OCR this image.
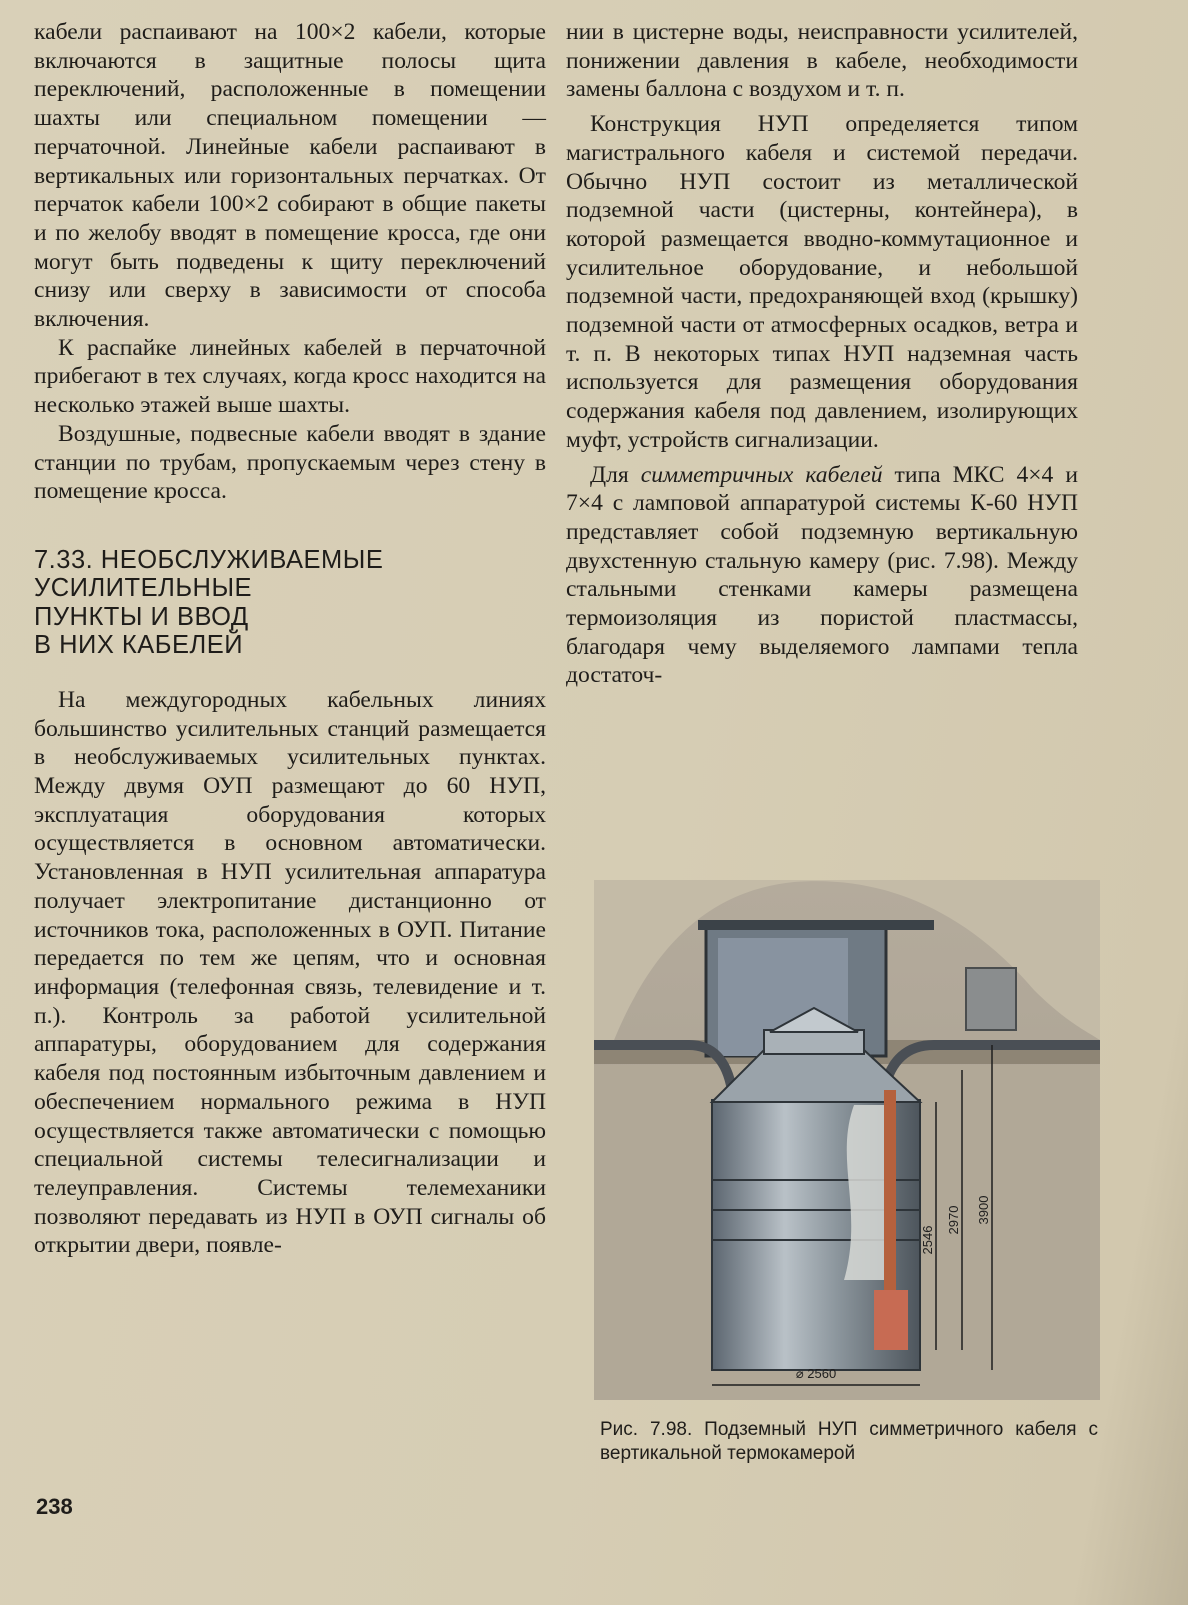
кабели распаивают на 100×2 кабели, которые включаются в защитные полосы щита переключений, расположенные в помещении шахты или специальном помещении — перчаточной. Линейные кабели распаивают в вертикальных или горизонтальных перчатках. От перчаток кабели 100×2 собирают в общие пакеты и по желобу вводят в помещение кросса, где они могут быть подведены к щиту переключений снизу или сверху в зависимости от способа включения.

К распайке линейных кабелей в перчаточной прибегают в тех случаях, когда кросс находится на несколько этажей выше шахты.

Воздушные, подвесные кабели вводят в здание станции по трубам, пропускаемым через стену в помещение кросса.

7.33. НЕОБСЛУЖИВАЕМЫЕ
УСИЛИТЕЛЬНЫЕ
ПУНКТЫ И ВВОД
В НИХ КАБЕЛЕЙ

На междугородных кабельных линиях большинство усилительных станций размещается в необслуживаемых усилительных пунктах. Между двумя ОУП размещают до 60 НУП, эксплуатация оборудования которых осуществляется в основном автоматически. Установленная в НУП усилительная аппаратура получает электропитание дистанционно от источников тока, расположенных в ОУП. Питание передается по тем же цепям, что и основная информация (телефонная связь, телевидение и т. п.). Контроль за работой усилительной аппаратуры, оборудованием для содержания кабеля под постоянным избыточным давлением и обеспечением нормального режима в НУП осуществляется также автоматически с помощью специальной системы телесигнализации и телеуправления. Системы телемеханики позволяют передавать из НУП в ОУП сигналы об открытии двери, появле-

нии в цистерне воды, неисправности усилителей, понижении давления в кабеле, необходимости замены баллона с воздухом и т. п.

Конструкция НУП определяется типом магистрального кабеля и системой передачи. Обычно НУП состоит из металлической подземной части (цистерны, контейнера), в которой размещается вводно-коммутационное и усилительное оборудование, и небольшой подземной части, предохраняющей вход (крышку) подземной части от атмосферных осадков, ветра и т. п. В некоторых типах НУП надземная часть используется для размещения оборудования содержания кабеля под давлением, изолирующих муфт, устройств сигнализации.

Для симметричных кабелей типа МКС 4×4 и 7×4 с ламповой аппаратурой системы К-60 НУП представляет собой подземную вертикальную двухстенную стальную камеру (рис. 7.98). Между стальными стенками камеры размещена термоизоляция из пористой пластмассы, благодаря чему выделяемого лампами тепла достаточ-

2546
2970 3900
⌀ 2560
Рис. 7.98. Подземный НУП симметричного кабеля с вертикальной термокамерой
238
